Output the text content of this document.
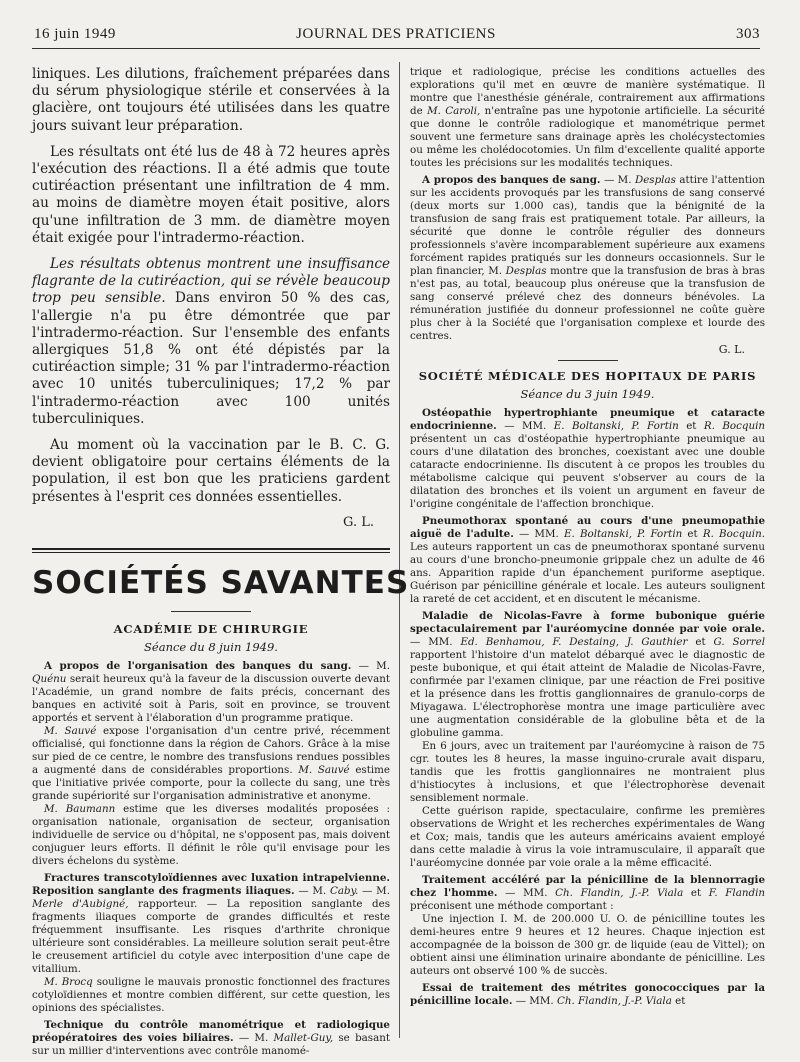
16 juin 1949	JOURNAL DES PRATICIENS	303

liniques. Les dilutions, fraîchement préparées dans du sérum physiologique stérile et conservées à la glacière, ont toujours été utilisées dans les quatre jours suivant leur préparation.

Les résultats ont été lus de 48 à 72 heures après l'exécution des réactions. Il a été admis que toute cutiréaction présentant une infiltration de 4 mm. au moins de diamètre moyen était positive, alors qu'une infiltration de 3 mm. de diamètre moyen était exigée pour l'intradermo-réaction.

Les résultats obtenus montrent une insuffisance flagrante de la cutiréaction, qui se révèle beaucoup trop peu sensible. Dans environ 50 % des cas, l'allergie n'a pu être démontrée que par l'intradermo-réaction. Sur l'ensemble des enfants allergiques 51,8 % ont été dépistés par la cutiréaction simple; 31 % par l'intradermo-réaction avec 10 unités tuberculiniques; 17,2 % par l'intradermo-réaction avec 100 unités tuberculiniques.

Au moment où la vaccination par le B. C. G. devient obligatoire pour certains éléments de la population, il est bon que les praticiens gardent présentes à l'esprit ces données essentielles.

G. L.
SOCIÉTÉS SAVANTES
ACADÉMIE DE CHIRURGIE
Séance du 8 juin 1949.

A propos de l'organisation des banques du sang. — M. Quénu serait heureux qu'à la faveur de la discussion ouverte devant l'Académie, un grand nombre de faits précis, concernant des banques en activité soit à Paris, soit en province, se trouvent apportés et servent à l'élaboration d'un programme pratique.

M. Sauvé expose l'organisation d'un centre privé, récemment officialisé, qui fonctionne dans la région de Cahors. Grâce à la mise sur pied de ce centre, le nombre des transfusions rendues possibles a augmenté dans de considérables proportions. M. Sauvé estime que l'initiative privée comporte, pour la collecte du sang, une très grande supériorité sur l'organisation administrative et anonyme.

M. Baumann estime que les diverses modalités proposées : organisation nationale, organisation de secteur, organisation individuelle de service ou d'hôpital, ne s'opposent pas, mais doivent conjuguer leurs efforts. Il définit le rôle qu'il envisage pour les divers échelons du système.

Fractures transcotyloïdiennes avec luxation intrapelvienne. Reposition sanglante des fragments iliaques. — M. Caby. — M. Merle d'Aubigné, rapporteur. — La reposition sanglante des fragments iliaques comporte de grandes difficultés et reste fréquemment insuffisante. Les risques d'arthrite chronique ultérieure sont considérables. La meilleure solution serait peut-être le creusement artificiel du cotyle avec interposition d'une cape de vitallium.

M. Brocq souligne le mauvais pronostic fonctionnel des fractures cotyloïdiennes et montre combien différent, sur cette question, les opinions des spécialistes.

Technique du contrôle manométrique et radiologique préopératoires des voies biliaires. — M. Mallet-Guy, se basant sur un millier d'interventions avec contrôle manomé-

trique et radiologique, précise les conditions actuelles des explorations qu'il met en œuvre de manière systématique. Il montre que l'anesthésie générale, contrairement aux affirmations de M. Caroli, n'entraîne pas une hypotonie artificielle. La sécurité que donne le contrôle radiologique et manométrique permet souvent une fermeture sans drainage après les cholécystectomies ou même les cholédocotomies. Un film d'excellente qualité apporte toutes les précisions sur les modalités techniques.

A propos des banques de sang. — M. Desplas attire l'attention sur les accidents provoqués par les transfusions de sang conservé (deux morts sur 1.000 cas), tandis que la bénignité de la transfusion de sang frais est pratiquement totale. Par ailleurs, la sécurité que donne le contrôle régulier des donneurs professionnels s'avère incomparablement supérieure aux examens forcément rapides pratiqués sur les donneurs occasionnels. Sur le plan financier, M. Desplas montre que la transfusion de bras à bras n'est pas, au total, beaucoup plus onéreuse que la transfusion de sang conservé prélevé chez des donneurs bénévoles. La rémunération justifiée du donneur professionnel ne coûte guère plus cher à la Société que l'organisation complexe et lourde des centres.

G. L.
SOCIÉTÉ MÉDICALE DES HOPITAUX DE PARIS
Séance du 3 juin 1949.

Ostéopathie hypertrophiante pneumique et cataracte endocrinienne. — MM. E. Boltanski, P. Fortin et R. Bocquin présentent un cas d'ostéopathie hypertrophiante pneumique au cours d'une dilatation des bronches, coexistant avec une double cataracte endocrinienne. Ils discutent à ce propos les troubles du métabolisme calcique qui peuvent s'observer au cours de la dilatation des bronches et ils voient un argument en faveur de l'origine congénitale de l'affection bronchique.

Pneumothorax spontané au cours d'une pneumopathie aiguë de l'adulte. — MM. E. Boltanski, P. Fortin et R. Bocquin. Les auteurs rapportent un cas de pneumothorax spontané survenu au cours d'une broncho-pneumonie grippale chez un adulte de 46 ans. Apparition rapide d'un épanchement puriforme aseptique. Guérison par pénicilline générale et locale. Les auteurs soulignent la rareté de cet accident, et en discutent le mécanisme.

Maladie de Nicolas-Favre à forme bubonique guérie spectaculairement par l'auréomycine donnée par voie orale. — MM. Ed. Benhamou, F. Destaing, J. Gauthier et G. Sorrel rapportent l'histoire d'un matelot débarqué avec le diagnostic de peste bubonique, et qui était atteint de Maladie de Nicolas-Favre, confirmée par l'examen clinique, par une réaction de Frei positive et la présence dans les frottis ganglionnaires de granulo-corps de Miyagawa. L'électrophorèse montra une image particulière avec une augmentation considérable de la globuline bêta et de la globuline gamma.

En 6 jours, avec un traitement par l'auréomycine à raison de 75 cgr. toutes les 8 heures, la masse inguino-crurale avait disparu, tandis que les frottis ganglionnaires ne montraient plus d'histiocytes à inclusions, et que l'électrophorèse devenait sensiblement normale.

Cette guérison rapide, spectaculaire, confirme les premières observations de Wright et les recherches expérimentales de Wang et Cox; mais, tandis que les auteurs américains avaient employé dans cette maladie à virus la voie intramusculaire, il apparaît que l'auréomycine donnée par voie orale a la même efficacité.

Traitement accéléré par la pénicilline de la blennorragie chez l'homme. — MM. Ch. Flandin, J.-P. Viala et F. Flandin préconisent une méthode comportant :

Une injection I. M. de 200.000 U. O. de pénicilline toutes les demi-heures entre 9 heures et 12 heures. Chaque injection est accompagnée de la boisson de 300 gr. de liquide (eau de Vittel); on obtient ainsi une élimination urinaire abondante de pénicilline. Les auteurs ont observé 100 % de succès.

Essai de traitement des métrites gonococciques par la pénicilline locale. — MM. Ch. Flandin, J.-P. Viala et
